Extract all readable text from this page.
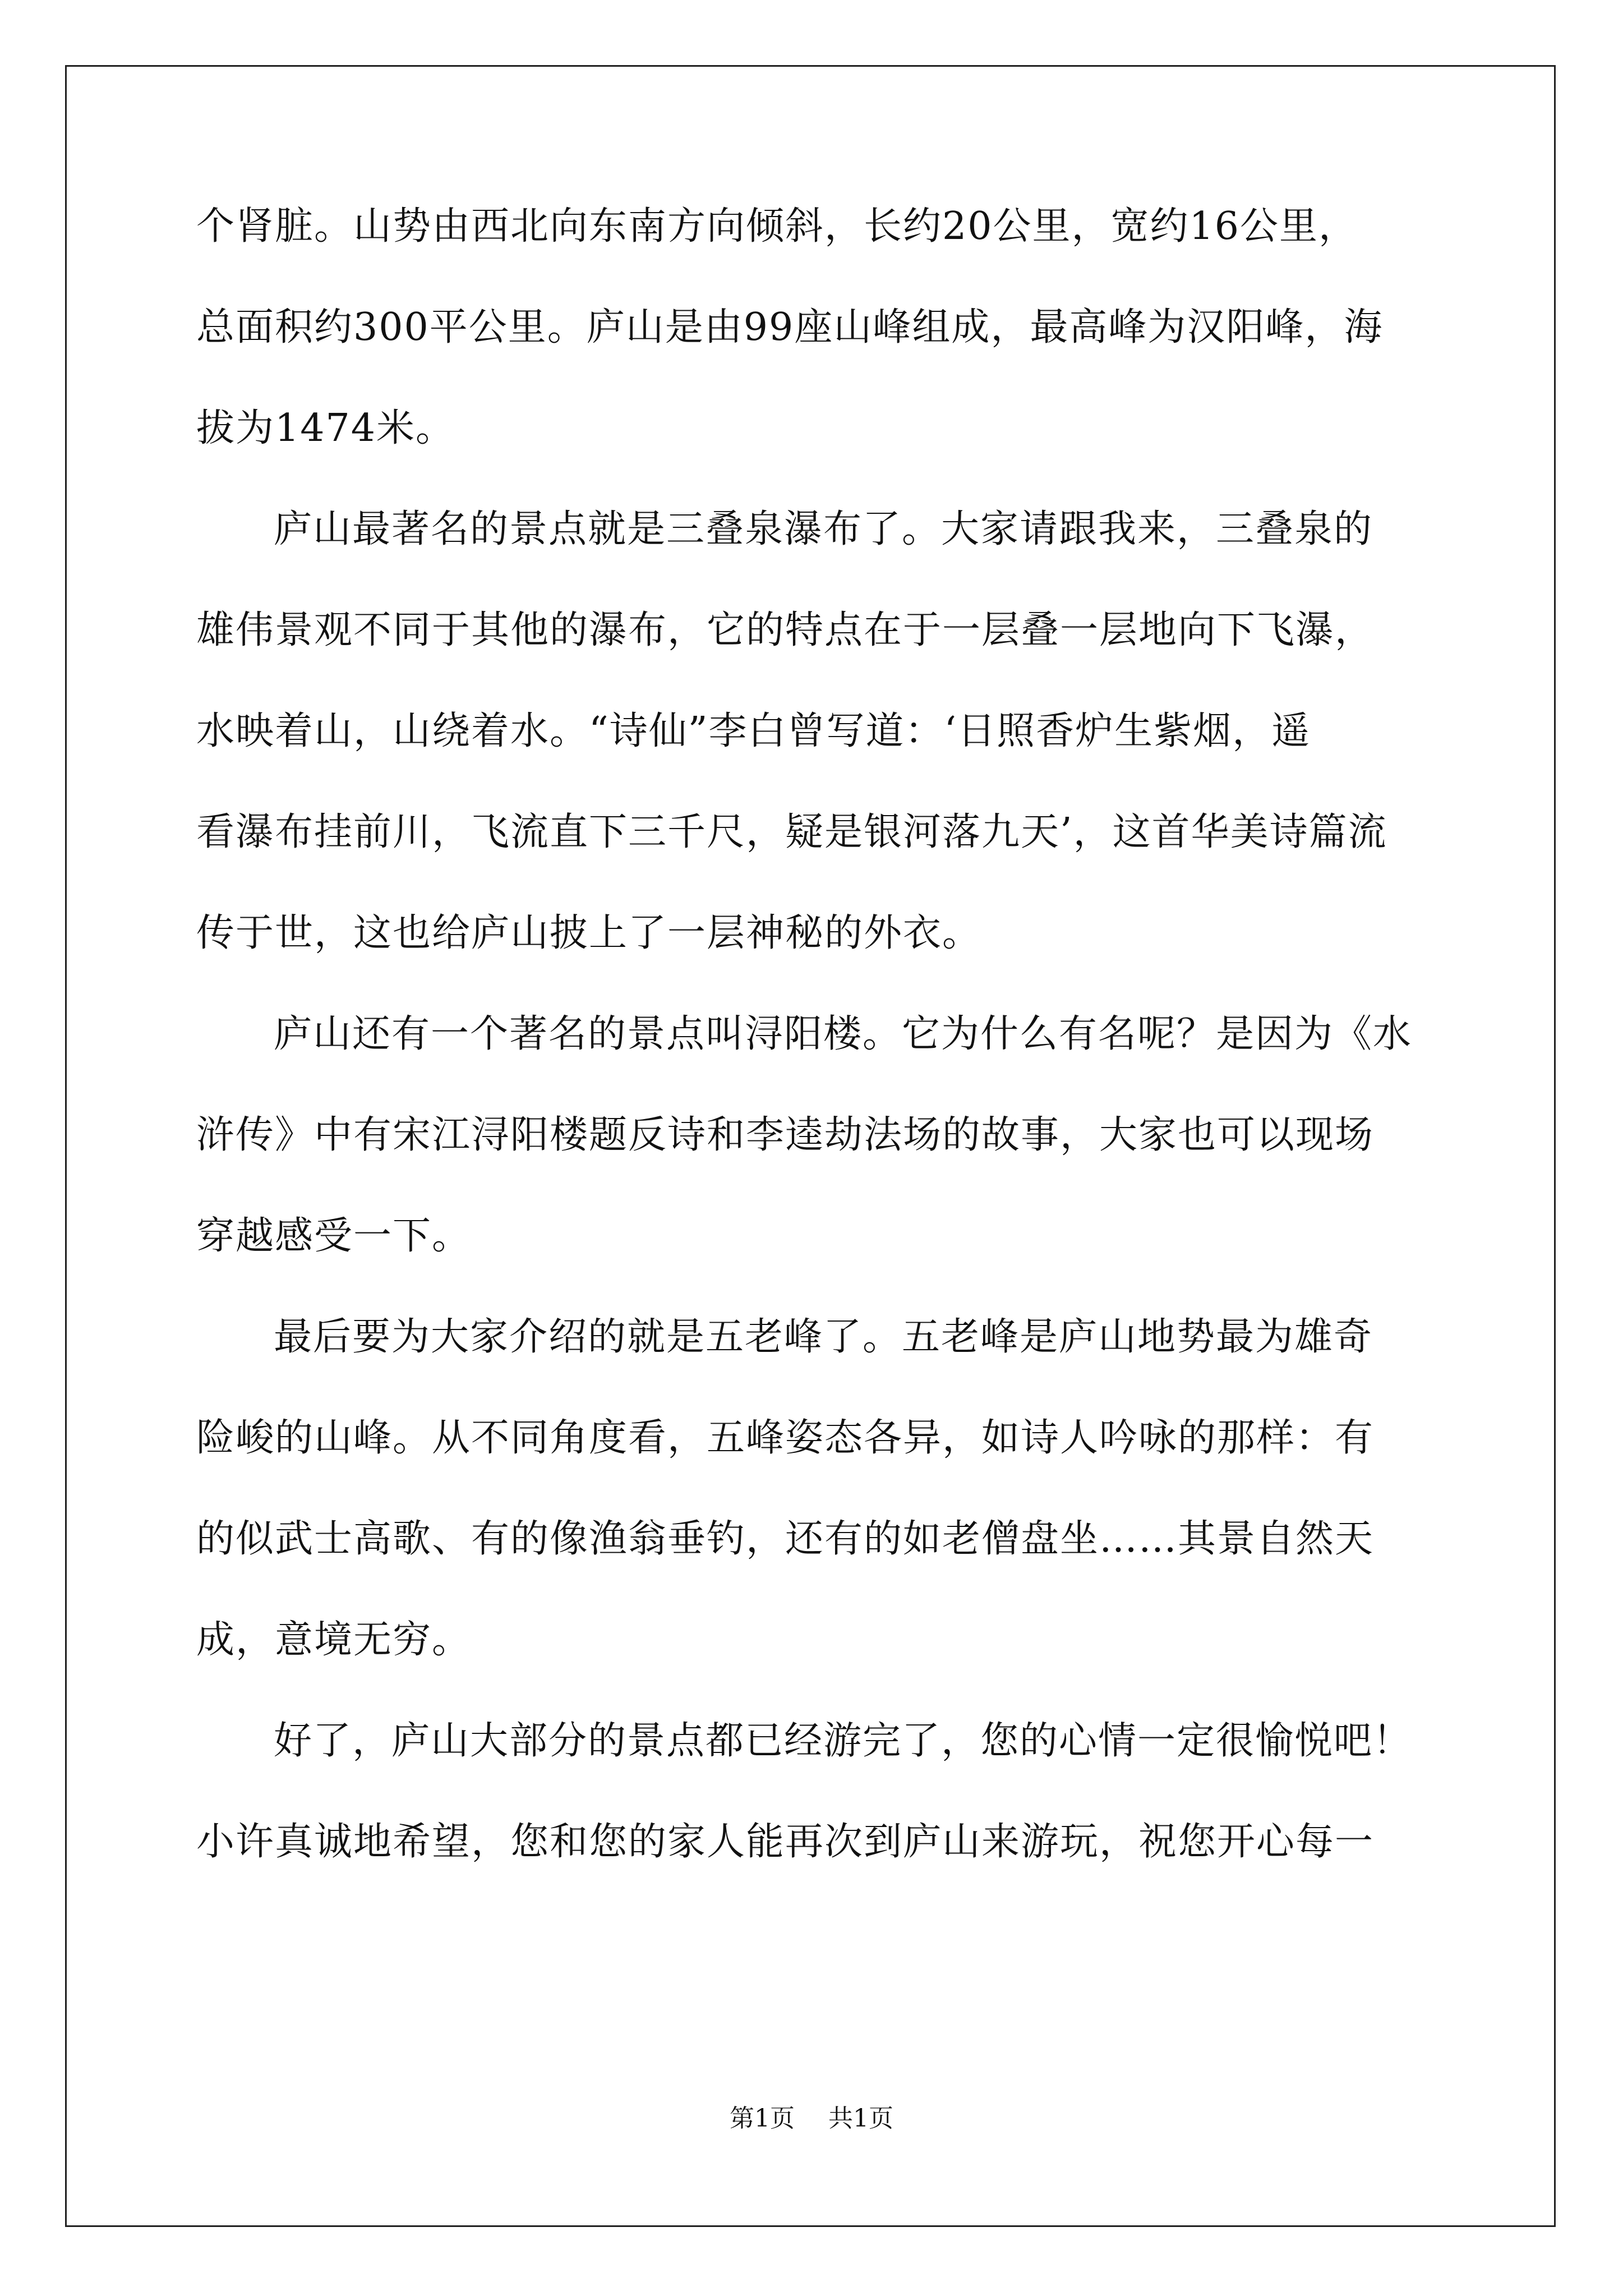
个肾脏。山势由西北向东南方向倾斜，长约20公里，宽约16公里，
总面积约300平公里。庐山是由99座山峰组成，最高峰为汉阳峰，海
拔为1474米。
庐山最著名的景点就是三叠泉瀑布了。大家请跟我来，三叠泉的
雄伟景观不同于其他的瀑布，它的特点在于一层叠一层地向下飞瀑，
水映着山，山绕着水。“诗仙”李白曾写道：‘日照香炉生紫烟，遥
看瀑布挂前川，飞流直下三千尺，疑是银河落九天’，这首华美诗篇流
传于世，这也给庐山披上了一层神秘的外衣。
庐山还有一个著名的景点叫浔阳楼。它为什么有名呢？是因为《水
浒传》中有宋江浔阳楼题反诗和李逵劫法场的故事，大家也可以现场
穿越感受一下。
最后要为大家介绍的就是五老峰了。五老峰是庐山地势最为雄奇
险峻的山峰。从不同角度看，五峰姿态各异，如诗人吟咏的那样：有
的似武士高歌、有的像渔翁垂钓，还有的如老僧盘坐……其景自然天
成，意境无穷。
好了，庐山大部分的景点都已经游完了，您的心情一定很愉悦吧！
小许真诚地希望，您和您的家人能再次到庐山来游玩，祝您开心每一
第1页 共1页
